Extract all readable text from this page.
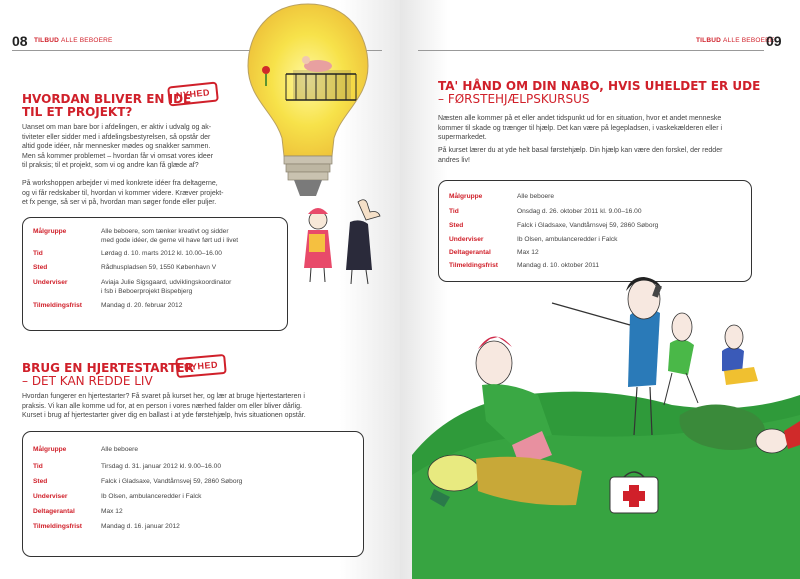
08 TILBUD ALLE BEBOERE
HVORDAN BLIVER EN IDÉ
TIL ET PROJEKT?
NYHED
Uanset om man bare bor i afdelingen, er aktiv i udvalg og ak-
tiviteter eller sidder med i afdelingsbestyrelsen, så opstår der
altid gode idéer, når mennesker mødes og snakker sammen.
Men så kommer problemet – hvordan får vi omsat vores ideer
til praksis; til et projekt, som vi og andre kan få glæde af?
På workshoppen arbejder vi med konkrete idéer fra deltagerne,
og vi får redskaber til, hvordan vi kommer videre. Kræver projekt-
et fx penge, så ser vi på, hvordan man søger fonde eller puljer.
Målgruppe	Alle beboere, som tænker kreativt og sidder
med gode idéer, de gerne vil have ført ud i livet
Tid	Lørdag d. 10. marts 2012 kl. 10.00–16.00
Sted	Rådhuspladsen 59, 1550 København V
Underviser	Aviaja Julie Sigsgaard, udviklingskoordinator
i fsb i Beboerprojekt Bispebjerg
Tilmeldingsfrist	Mandag d. 20. februar 2012
BRUG EN HJERTESTARTER
– DET KAN REDDE LIV
NYHED
Hvordan fungerer en hjertestarter? Få svaret på kurset her, og lær at bruge hjertestarteren i
praksis. Vi kan alle komme ud for, at en person i vores nærhed falder om eller bliver dårlig.
Kurset i brug af hjertestarter giver dig en ballast i at yde førstehjælp, hvis situationen opstår.
Målgruppe	Alle beboere
Tid	Tirsdag d. 31. januar 2012 kl. 9.00–16.00
Sted	Falck i Gladsaxe, Vandtårnsvej 59, 2860 Søborg
Underviser	Ib Olsen, ambulanceredder i Falck
Deltagerantal	Max 12
Tilmeldingsfrist	Mandag d. 16. januar 2012
TILBUD ALLE BEBOERE
09
TA' HÅND OM DIN NABO, HVIS UHELDET ER UDE
– FØRSTEHJÆLPSKURSUS
Næsten alle kommer på et eller andet tidspunkt ud for en situation, hvor et andet menneske
kommer til skade og trænger til hjælp. Det kan være på legepladsen, i vaskekælderen eller i
supermarkedet.
På kurset lærer du at yde helt basal førstehjælp. Din hjælp kan være den forskel, der redder
andres liv!
Målgruppe	Alle beboere
Tid	Onsdag d. 26. oktober 2011 kl. 9.00–16.00
Sted	Falck i Gladsaxe, Vandtårnsvej 59, 2860 Søborg
Underviser	Ib Olsen, ambulanceredder i Falck
Deltagerantal	Max 12
Tilmeldingsfrist	Mandag d. 10. oktober 2011
